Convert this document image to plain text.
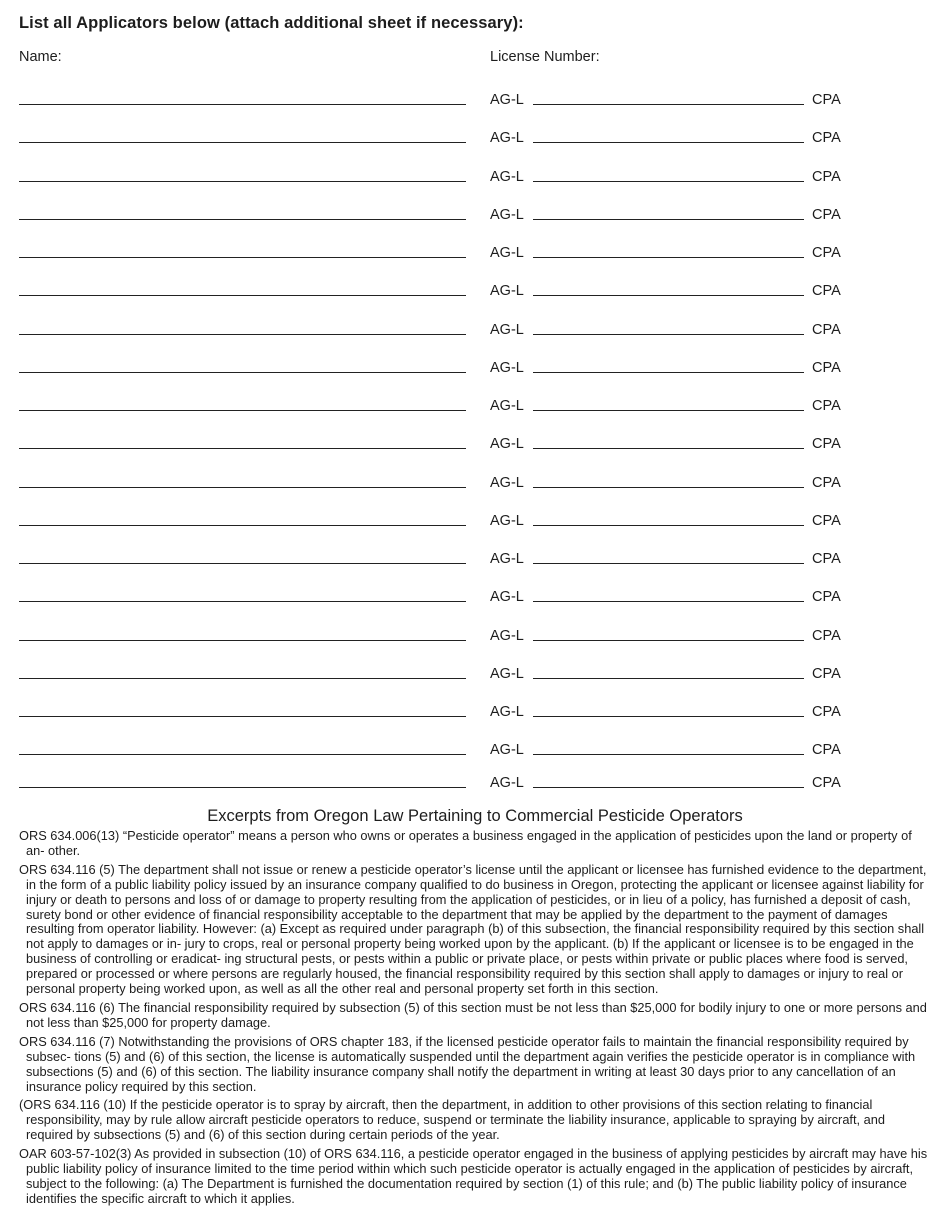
List all Applicators below (attach additional sheet if necessary):
Name:	License Number:
AG-L	CPA
AG-L	CPA
AG-L	CPA
AG-L	CPA
AG-L	CPA
AG-L	CPA
AG-L	CPA
AG-L	CPA
AG-L	CPA
AG-L	CPA
AG-L	CPA
AG-L	CPA
AG-L	CPA
AG-L	CPA
AG-L	CPA
AG-L	CPA
AG-L	CPA
AG-L	CPA
AG-L	CPA
Excerpts from Oregon Law Pertaining to Commercial Pesticide Operators

ORS 634.006(13) “Pesticide operator” means a person who owns or operates a business engaged in the application of pesticides upon the land or property of an- other.

ORS 634.116 (5) The department shall not issue or renew a pesticide operator’s license until the applicant or licensee has furnished evidence to the department, in the form of a public liability policy issued by an insurance company qualified to do business in Oregon, protecting the applicant or licensee against liability for injury or death to persons and loss of or damage to property resulting from the application of pesticides, or in lieu of a policy, has furnished a deposit of cash, surety bond or other evidence of financial responsibility acceptable to the department that may be applied by the department to the payment of damages resulting from operator liability. However: (a) Except as required under paragraph (b) of this subsection, the financial responsibility required by this section shall not apply to damages or in- jury to crops, real or personal property being worked upon by the applicant. (b) If the applicant or licensee is to be engaged in the business of controlling or eradicat- ing structural pests, or pests within a public or private place, or pests within private or public places where food is served, prepared or processed or where persons are regularly housed, the financial responsibility required by this section shall apply to damages or injury to real or personal property being worked upon, as well as all the other real and personal property set forth in this section.

ORS 634.116 (6) The financial responsibility required by subsection (5) of this section must be not less than $25,000 for bodily injury to one or more persons and not less than $25,000 for property damage.

ORS 634.116 (7) Notwithstanding the provisions of ORS chapter 183, if the licensed pesticide operator fails to maintain the financial responsibility required by subsec- tions (5) and (6) of this section, the license is automatically suspended until the department again verifies the pesticide operator is in compliance with subsections (5) and (6) of this section. The liability insurance company shall notify the department in writing at least 30 days prior to any cancellation of an insurance policy required by this section.

(ORS 634.116 (10) If the pesticide operator is to spray by aircraft, then the department, in addition to other provisions of this section relating to financial responsibility, may by rule allow aircraft pesticide operators to reduce, suspend or terminate the liability insurance, applicable to spraying by aircraft, and required by subsections (5) and (6) of this section during certain periods of the year.

OAR 603-57-102(3) As provided in subsection (10) of ORS 634.116, a pesticide operator engaged in the business of applying pesticides by aircraft may have his public liability policy of insurance limited to the time period within which such pesticide operator is actually engaged in the application of pesticides by aircraft, subject to the following: (a) The Department is furnished the documentation required by section (1) of this rule; and (b) The public liability policy of insurance identifies the specific aircraft to which it applies.
